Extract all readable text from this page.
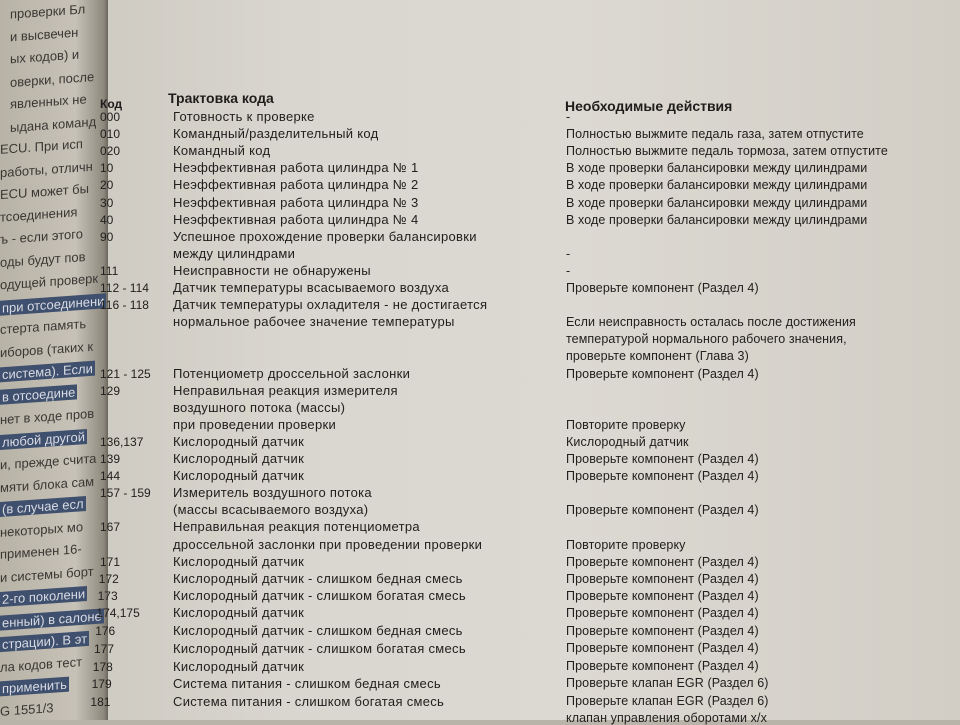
проверки Бл
и высвечен
ых кодов) и
оверки, после
явленных не
ыдана команд
ECU. При исп
работы, отличн
ECU может бы
тсоединения
ъ - если этого
оды будут пов
одущей проверк
при отсоединени
стерта память
иборов (таких к
система). Если
в отсоедине
нет в ходе пров
любой другой
и, прежде счита
мяти блока сам
(в случае есл
некоторых мо
применен 16-
и системы борт
2-го поколени
енный) в салоне
страции). В эт
ла кодов тест
применить
G 1551/3
Код	Трактовка кода	Необходимые действия
000	Готовность к проверке	-
010	Командный/разделительный код	Полностью выжмите педаль газа, затем отпустите
020	Командный код	Полностью выжмите педаль тормоза, затем отпустите
10	Неэффективная работа цилиндра № 1	В ходе проверки балансировки между цилиндрами
20	Неэффективная работа цилиндра № 2	В ходе проверки балансировки между цилиндрами
30	Неэффективная работа цилиндра № 3	В ходе проверки балансировки между цилиндрами
40	Неэффективная работа цилиндра № 4	В ходе проверки балансировки между цилиндрами
90	Успешное прохождение проверки балансировки
между цилиндрами	-
111	Неисправности не обнаружены	-
112 - 114	Датчик температуры всасываемого воздуха	Проверьте компонент (Раздел 4)
116 - 118	Датчик температуры охладителя - не достигается
нормальное рабочее значение температуры	Если неисправность осталась после достижения
температурой нормального рабочего значения,
проверьте компонент (Глава 3)
121 - 125	Потенциометр дроссельной заслонки	Проверьте компонент (Раздел 4)
129	Неправильная реакция измерителя
воздушного потока (массы)
при проведении проверки	Повторите проверку
136,137	Кислородный датчик	Кислородный датчик
139	Кислородный датчик	Проверьте компонент (Раздел 4)
144	Кислородный датчик	Проверьте компонент (Раздел 4)
157 - 159	Измеритель воздушного потока
(массы всасываемого воздуха)	Проверьте компонент (Раздел 4)
167	Неправильная реакция потенциометра
дроссельной заслонки при проведении проверки	Повторите проверку
171	Кислородный датчик	Проверьте компонент (Раздел 4)
172	Кислородный датчик - слишком бедная смесь	Проверьте компонент (Раздел 4)
173	Кислородный датчик - слишком богатая смесь	Проверьте компонент (Раздел 4)
174,175	Кислородный датчик	Проверьте компонент (Раздел 4)
176	Кислородный датчик - слишком бедная смесь	Проверьте компонент (Раздел 4)
177	Кислородный датчик - слишком богатая смесь	Проверьте компонент (Раздел 4)
178	Кислородный датчик	Проверьте компонент (Раздел 4)
179	Система питания - слишком бедная смесь	Проверьте клапан EGR (Раздел 6)
181	Система питания - слишком богатая смесь	Проверьте клапан EGR (Раздел 6)
клапан управления оборотами х/х
